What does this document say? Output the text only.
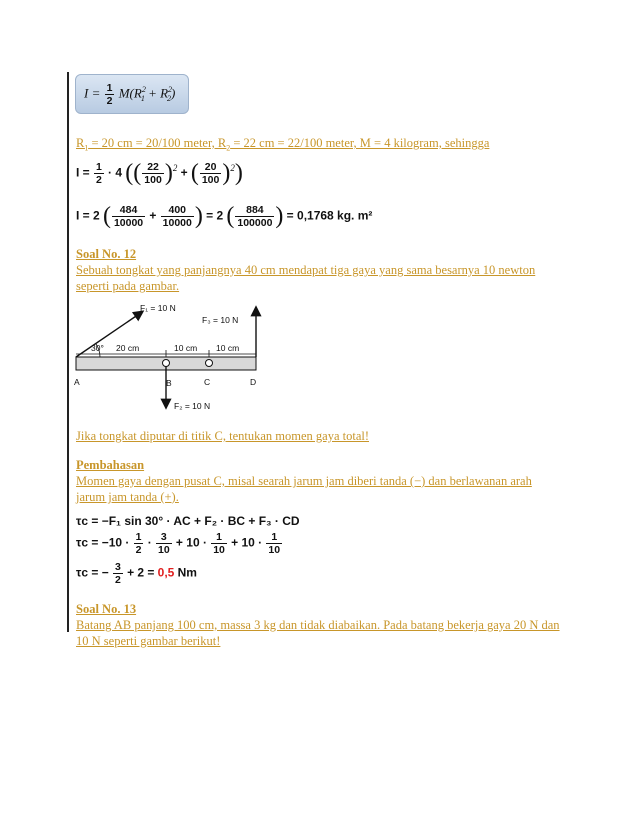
$I = \frac{1}{2} M(R^2_1 + R^2_2)$
$R_1 = 20$ cm = 20/100 meter, $R_2 = 22$ cm = 22/100 meter, M = 4 kilogram, sehingga
$I = \frac{1}{2} \cdot 4$ (( $\frac{22}{100} )^2$ + ( $\frac{20}{100} )^2$)
I = 2 ( $\frac{484}{10000} + \frac{400}{10000}$ ) = 2 ( $\frac{884}{100000}$ ) = 0,1768 kg. m²
Soal No. 12
Sebuah tongkat yang panjangnya 40 cm mendapat tiga gaya yang sama besarnya 10 newton
seperti pada gambar.
F₁ = 10 N
F₃ = 10 N
F₂ = 10 N
30° 20 cm	10 cm 10 cm
A	B	C	D
Jika tongkat diputar di titik C, tentukan momen gaya total!
Pembahasan
Momen gaya dengan pusat C, misal searah jarum jam diberi tanda (−) dan berlawanan arah
jarum jam tanda (+).
τc = −F₁ sin 30° · AC + F₂ · BC + F₃ · CD
$\tau c = -10 \cdot \frac{1}{2} \cdot \frac{3}{10} + 10 \cdot \frac{1}{10} + 10 \cdot \frac{1}{10}$
τc = − $\frac{3}{2} + 2 = 0,5$ Nm
Soal No. 13
Batang AB panjang 100 cm, massa 3 kg dan tidak diabaikan. Pada batang bekerja gaya 20 N dan
10 N seperti gambar berikut!
